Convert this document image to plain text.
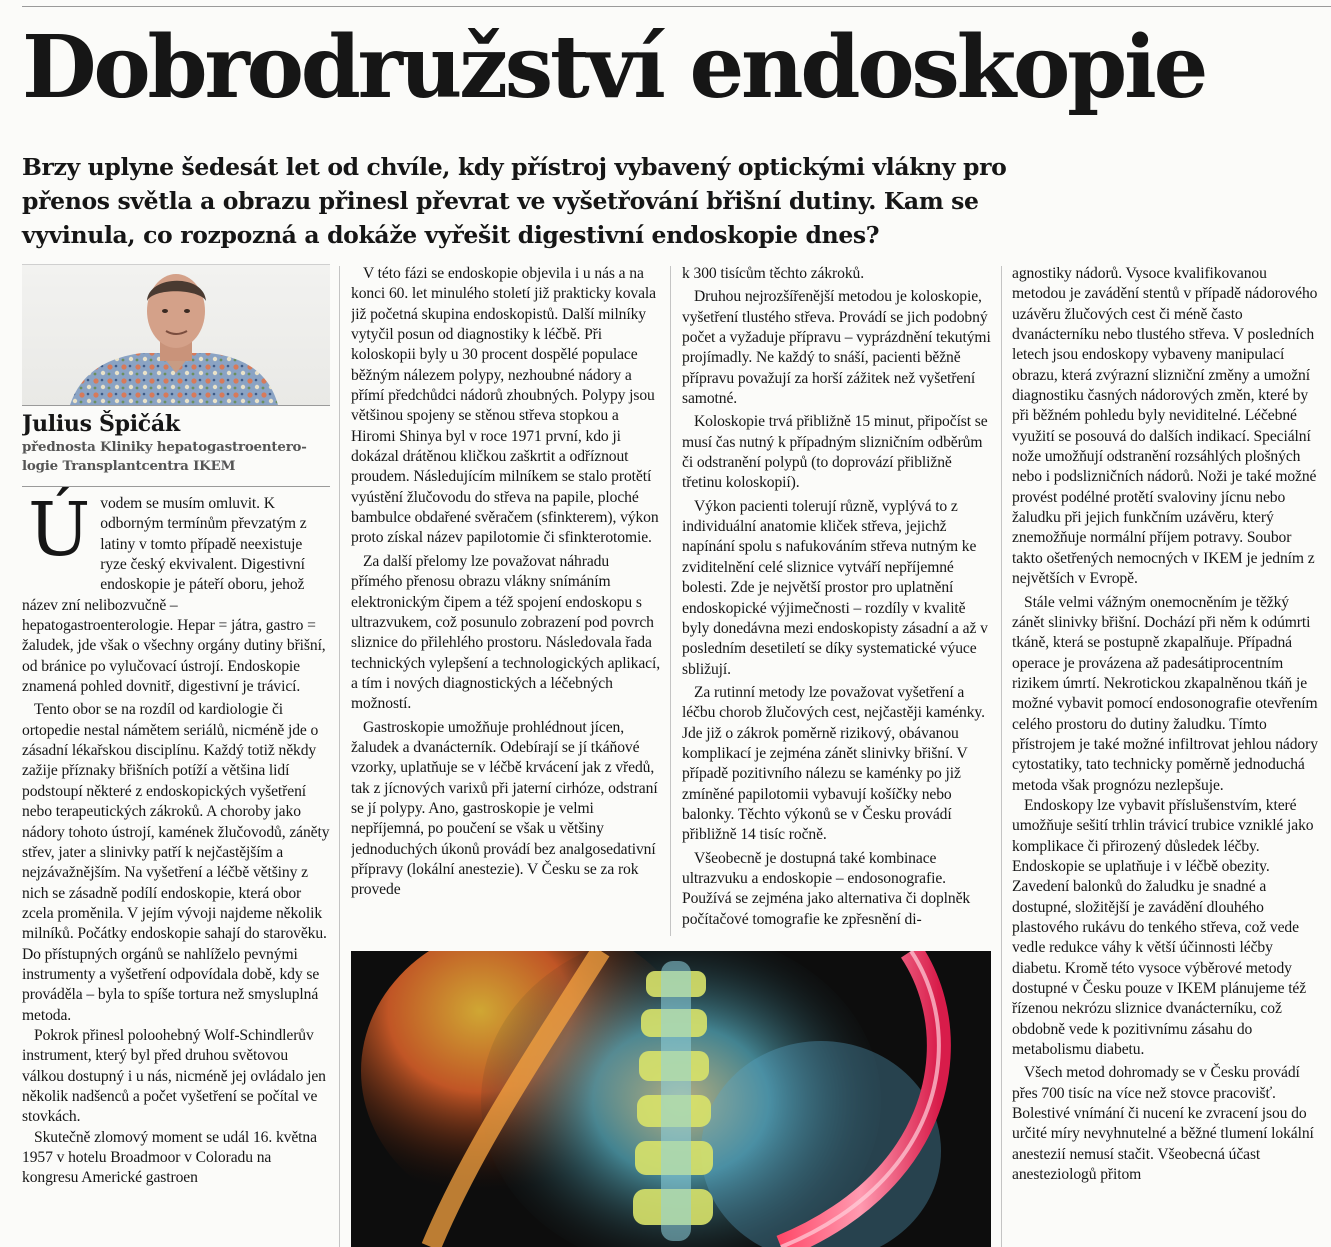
Dobrodružství endoskopie

Brzy uplyne šedesát let od chvíle, kdy přístroj vybavený optickými vlákny pro přenos světla a obrazu přinesl převrat ve vyšetřování břišní dutiny. Kam se vyvinula, co rozpozná a dokáže vyřešit digestivní endoskopie dnes?

Julius Špičák
přednosta Kliniky hepatogastroenterologie Transplantcentra IKEM
Ú vodem se musím omluvit. K odborným termínům převzatým z latiny v tomto případě neexistuje ryze český ekvivalent. Digestivní endoskopie je páteří oboru, jehož název zní nelibozvučně – hepatogastroenterologie. Hepar = játra, gastro = žaludek, jde však o všechny orgány dutiny břišní, od bránice po vylučovací ústrojí. Endoskopie znamená pohled dovnitř, digestivní je trávicí.

Tento obor se na rozdíl od kardiologie či ortopedie nestal námětem seriálů, nicméně jde o zásadní lékařskou disciplínu. Každý totiž někdy zažije příznaky břišních potíží a většina lidí podstoupí některé z endoskopických vyšetření nebo terapeutických zákroků. A choroby jako nádory tohoto ústrojí, kamének žlučovodů, záněty střev, jater a slinivky patří k nejčastějším a nejzávažnějším. Na vyšetření a léčbě většiny z nich se zásadně podílí endoskopie, která obor zcela proměnila. V jejím vývoji najdeme několik milníků. Počátky endoskopie sahají do starověku. Do přístupných orgánů se nahlíželo pevnými instrumenty a vyšetření odpovídala době, kdy se prováděla – byla to spíše tortura než smysluplná metoda.

Pokrok přinesl poloohebný Wolf-Schindlerův instrument, který byl před druhou světovou válkou dostupný i u nás, nicméně jej ovládalo jen několik nadšenců a počet vyšetření se počítal ve stovkách.

Skutečně zlomový moment se udál 16. května 1957 v hotelu Broadmoor v Coloradu na kongresu Americké gastroen

V této fázi se endoskopie objevila i u nás a na konci 60. let minulého století již prakticky kovala již početná skupina endoskopistů. Další milníky vytyčil posun od diagnostiky k léčbě. Při koloskopii byly u 30 procent dospělé populace běžným nálezem polypy, nezhoubné nádory a přímí předchůdci nádorů zhoubných. Polypy jsou většinou spojeny se stěnou střeva stopkou a Hiromi Shinya byl v roce 1971 první, kdo ji dokázal drátěnou kličkou zaškrtit a odříznout proudem. Následujícím milníkem se stalo protětí vyústění žlučovodu do střeva na papile, ploché bambulce obdařené svěračem (sfinkterem), výkon proto získal název papilotomie či sfinkterotomie.

Za další přelomy lze považovat náhradu přímého přenosu obrazu vlákny snímáním elektronickým čipem a též spojení endoskopu s ultrazvukem, což posunulo zobrazení pod povrch sliznice do přilehlého prostoru. Následovala řada technických vylepšení a technologických aplikací, a tím i nových diagnostických a léčebných možností.

Gastroskopie umožňuje prohlédnout jícen, žaludek a dvanácterník. Odebírají se jí tkáňové vzorky, uplatňuje se v léčbě krvácení jak z vředů, tak z jícnových varixů při jaterní cirhóze, odstraní se jí polypy. Ano, gastroskopie je velmi nepříjemná, po poučení se však u většiny jednoduchých úkonů provádí bez analgosedativní přípravy (lokální anestezie). V Česku se za rok provede

k 300 tisícům těchto zákroků.

Druhou nejrozšířenější metodou je koloskopie, vyšetření tlustého střeva. Provádí se jich podobný počet a vyžaduje přípravu – vyprázdnění tekutými projímadly. Ne každý to snáší, pacienti běžně přípravu považují za horší zážitek než vyšetření samotné.

Koloskopie trvá přibližně 15 minut, připočíst se musí čas nutný k případným slizničním odběrům či odstranění polypů (to doprovází přibližně třetinu koloskopií).

Výkon pacienti tolerují různě, vyplývá to z individuální anatomie kliček střeva, jejichž napínání spolu s nafukováním střeva nutným ke zviditelnění celé sliznice vytváří nepříjemné bolesti. Zde je největší prostor pro uplatnění endoskopické výjimečnosti – rozdíly v kvalitě byly donedávna mezi endoskopisty zásadní a až v posledním desetiletí se díky systematické výuce sbližují.

Za rutinní metody lze považovat vyšetření a léčbu chorob žlučových cest, nejčastěji kaménky. Jde již o zákrok poměrně rizikový, obávanou komplikací je zejména zánět slinivky břišní. V případě pozitivního nálezu se kaménky po již zmíněné papilotomii vybavují košíčky nebo balonky. Těchto výkonů se v Česku provádí přibližně 14 tisíc ročně.

Všeobecně je dostupná také kombinace ultrazvuku a endoskopie – endosonografie. Používá se zejména jako alternativa či doplněk počítačové tomografie ke zpřesnění di-

agnostiky nádorů. Vysoce kvalifikovanou metodou je zavádění stentů v případě nádorového uzávěru žlučových cest či méně často dvanácterníku nebo tlustého střeva. V posledních letech jsou endoskopy vybaveny manipulací obrazu, která zvýrazní slizniční změny a umožní diagnostiku časných nádorových změn, které by při běžném pohledu byly neviditelné. Léčebné využití se posouvá do dalších indikací. Speciální nože umožňují odstranění rozsáhlých plošných nebo i podslizničních nádorů. Noži je také možné provést podélné protětí svaloviny jícnu nebo žaludku při jejich funkčním uzávěru, který znemožňuje normální příjem potravy. Soubor takto ošetřených nemocných v IKEM je jedním z největších v Evropě.

Stále velmi vážným onemocněním je těžký zánět slinivky břišní. Dochází při něm k odúmrti tkáně, která se postupně zkapalňuje. Případná operace je provázena až padesátiprocentním rizikem úmrtí. Nekrotickou zkapalněnou tkáň je možné vybavit pomocí endosonografie otevřením celého prostoru do dutiny žaludku. Tímto přístrojem je také možné infiltrovat jehlou nádory cytostatiky, tato technicky poměrně jednoduchá metoda však prognózu nezlepšuje.

Endoskopy lze vybavit příslušenstvím, které umožňuje sešití trhlin trávicí trubice vzniklé jako komplikace či přirozený důsledek léčby. Endoskopie se uplatňuje i v léčbě obezity. Zavedení balonků do žaludku je snadné a dostupné, složitější je zavádění dlouhého plastového rukávu do tenkého střeva, což vede vedle redukce váhy k větší účinnosti léčby diabetu. Kromě této vysoce výběrové metody dostupné v Česku pouze v IKEM plánujeme též řízenou nekrózu sliznice dvanácterníku, což obdobně vede k pozitivnímu zásahu do metabolismu diabetu.

Všech metod dohromady se v Česku provádí přes 700 tisíc na více než stovce pracovišť. Bolestivé vnímání či nucení ke zvracení jsou do určité míry nevyhnutelné a běžné tlumení lokální anestezií nemusí stačit. Všeobecná účast anesteziologů přitom
